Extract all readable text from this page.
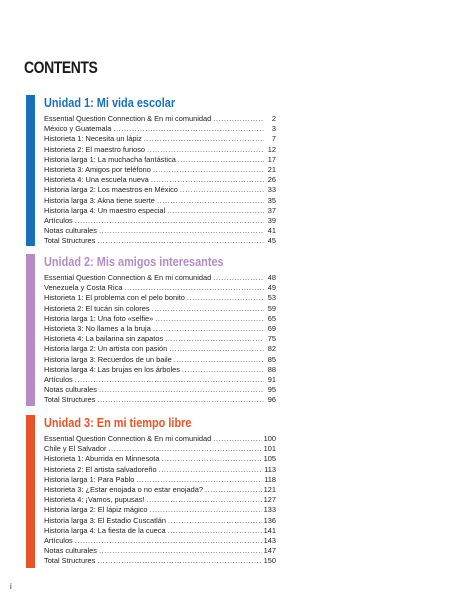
CONTENTS
Unidad 1: Mi vida escolar
Essential Question Connection & En mi comunidad .....	2
México y Guatemala .....	3
Historieta 1: Necesita un lápiz .....	7
Historieta 2: El maestro furioso .....	12
Historia larga 1: La muchacha fantástica .....	17
Historieta 3: Amigos por teléfono .....	21
Historieta 4: Una escuela nueva .....	26
Historia larga 2: Los maestros en México .....	33
Historia larga 3: Akna tiene suerte .....	35
Historia larga 4: Un maestro especial .....	37
Artículos .....	39
Notas culturales .....	41
Total Structures .....	45
Unidad 2: Mis amigos interesantes
Essential Question Connection & En mi comunidad .....	48
Venezuela y Costa Rica .....	49
Historieta 1: El problema con el pelo bonito .....	53
Historieta 2: El tucán sin colores .....	59
Historia larga 1: Una foto «selfie» .....	65
Historieta 3: No llames a la bruja .....	69
Historieta 4: La bailarina sin zapatos .....	75
Historia larga 2: Un artista con pasión .....	82
Historia larga 3: Recuerdos de un baile .....	85
Historia larga 4: Las brujas en los árboles .....	88
Artículos .....	91
Notas culturales .....	95
Total Structures .....	96
Unidad 3: En mi tiempo libre
Essential Question Connection & En mi comunidad .....	100
Chile y El Salvador .....	101
Historieta 1: Aburrida en Minnesota .....	105
Historieta 2: El artista salvadoreño .....	113
Historia larga 1: Para Pablo .....	118
Historieta 3: ¿Estar enojada o no estar enojada? .....	121
Historieta 4: ¡Vamos, pupusas! .....	127
Historia larga 2: El lápiz mágico .....	133
Historia larga 3: El Estadio Cuscatlán .....	136
Historia larga 4: La fiesta de la cueca .....	141
Artículos .....	143
Notas culturales .....	147
Total Structures .....	150
i
